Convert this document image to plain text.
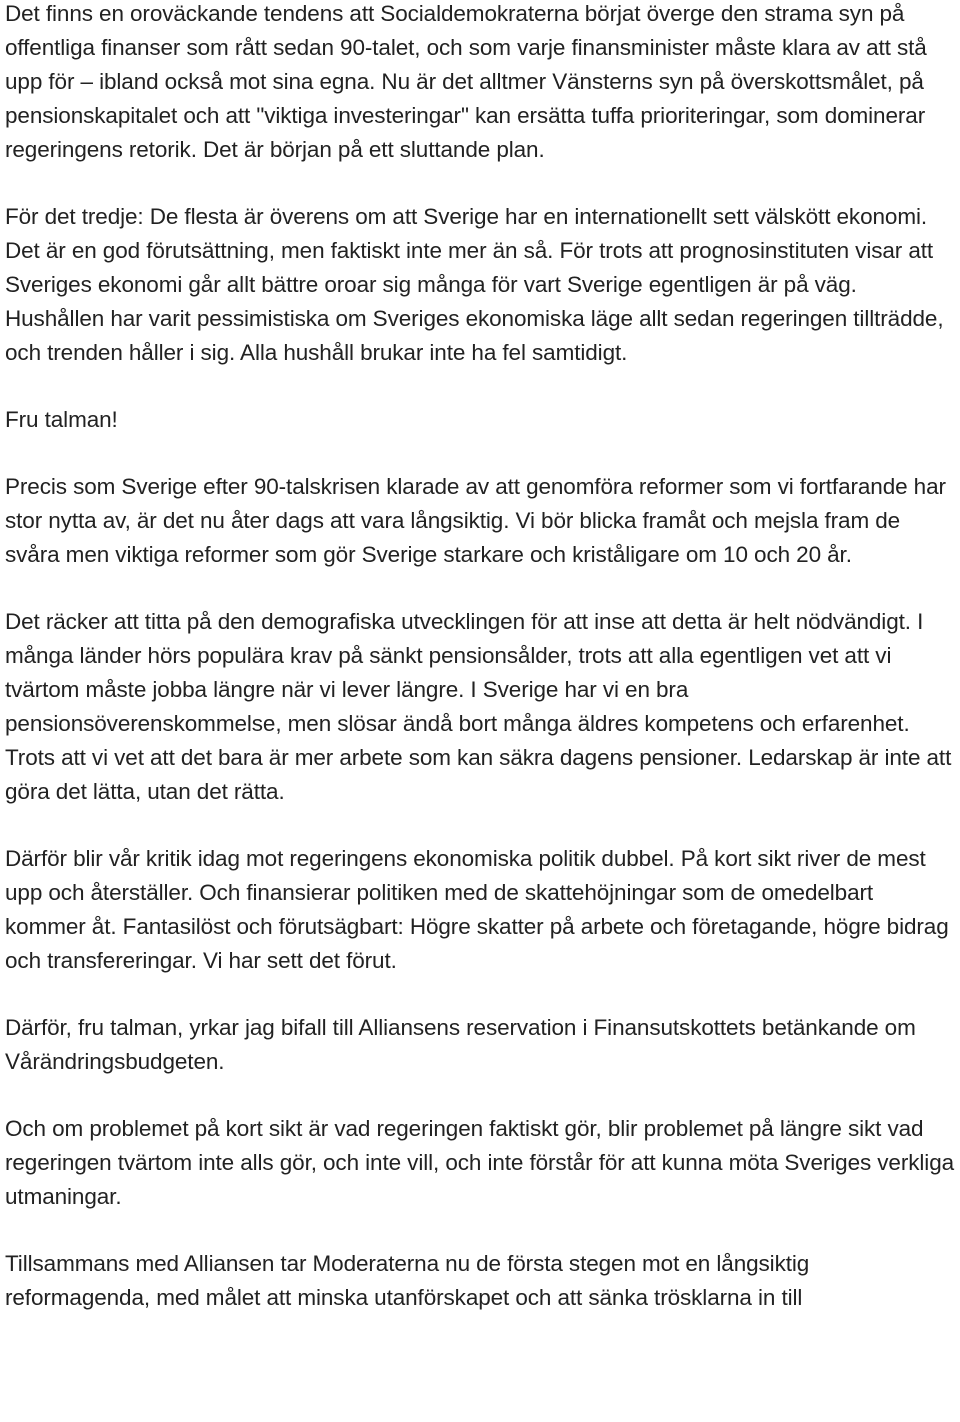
Det finns en oroväckande tendens att Socialdemokraterna börjat överge den strama syn på offentliga finanser som rått sedan 90-talet, och som varje finansminister måste klara av att stå upp för – ibland också mot sina egna. Nu är det alltmer Vänsterns syn på överskottsmålet, på pensionskapitalet och att "viktiga investeringar" kan ersätta tuffa prioriteringar, som dominerar regeringens retorik. Det är början på ett sluttande plan.

För det tredje: De flesta är överens om att Sverige har en internationellt sett välskött ekonomi. Det är en god förutsättning, men faktiskt inte mer än så. För trots att prognosinstituten visar att Sveriges ekonomi går allt bättre oroar sig många för vart Sverige egentligen är på väg. Hushållen har varit pessimistiska om Sveriges ekonomiska läge allt sedan regeringen tillträdde, och trenden håller i sig. Alla hushåll brukar inte ha fel samtidigt.

Fru talman!

Precis som Sverige efter 90-talskrisen klarade av att genomföra reformer som vi fortfarande har stor nytta av, är det nu åter dags att vara långsiktig. Vi bör blicka framåt och mejsla fram de svåra men viktiga reformer som gör Sverige starkare och kriståligare om 10 och 20 år.

Det räcker att titta på den demografiska utvecklingen för att inse att detta är helt nödvändigt. I många länder hörs populära krav på sänkt pensionsålder, trots att alla egentligen vet att vi tvärtom måste jobba längre när vi lever längre. I Sverige har vi en bra pensionsöverenskommelse, men slösar ändå bort många äldres kompetens och erfarenhet. Trots att vi vet att det bara är mer arbete som kan säkra dagens pensioner. Ledarskap är inte att göra det lätta, utan det rätta.

Därför blir vår kritik idag mot regeringens ekonomiska politik dubbel. På kort sikt river de mest upp och återställer. Och finansierar politiken med de skattehöjningar som de omedelbart kommer åt. Fantasilöst och förutsägbart: Högre skatter på arbete och företagande, högre bidrag och transfereringar. Vi har sett det förut.

Därför, fru talman, yrkar jag bifall till Alliansens reservation i Finansutskottets betänkande om Vårändringsbudgeten.

Och om problemet på kort sikt är vad regeringen faktiskt gör, blir problemet på längre sikt vad regeringen tvärtom inte alls gör, och inte vill, och inte förstår för att kunna möta Sveriges verkliga utmaningar.

Tillsammans med Alliansen tar Moderaterna nu de första stegen mot en långsiktig reformagenda, med målet att minska utanförskapet och att sänka trösklarna in till
